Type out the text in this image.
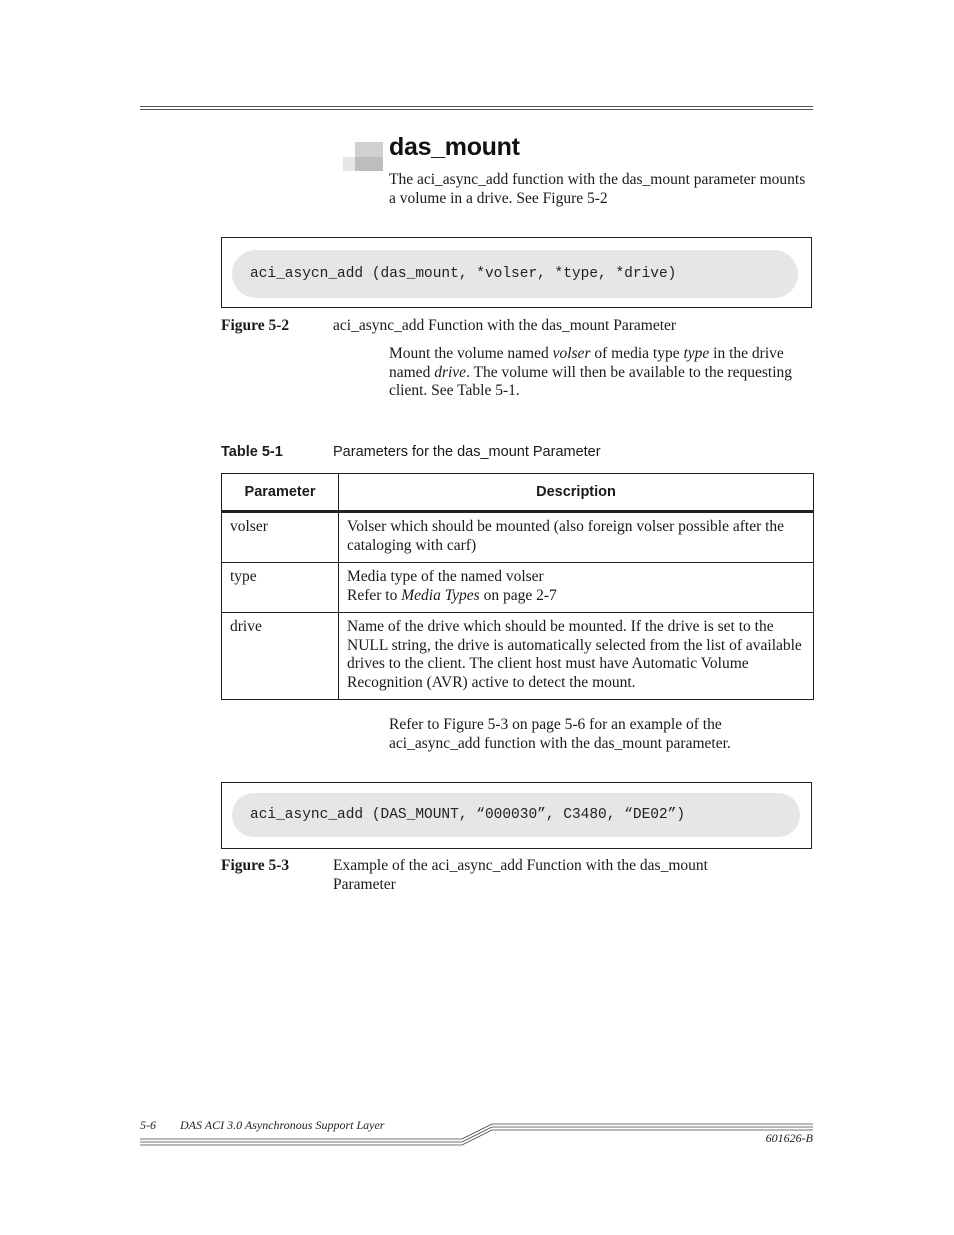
das_mount
The aci_async_add function with the das_mount parameter mounts a volume in a drive. See Figure 5-2
aci_asycn_add (das_mount, *volser, *type, *drive)
Figure 5-2	aci_async_add Function with the das_mount Parameter
Mount the volume named volser of media type type in the drive named drive. The volume will then be available to the requesting client. See Table 5-1.
Table 5-1	Parameters for the das_mount Parameter
Parameter	Description
volser	Volser which should be mounted (also foreign volser possible after the cataloging with carf)
type	Media type of the named volser
Refer to Media Types on page 2-7
drive	Name of the drive which should be mounted. If the drive is set to the NULL string, the drive is automatically selected from the list of available drives to the client. The client host must have Automatic Volume Recognition (AVR) active to detect the mount.
Refer to Figure 5-3 on page 5-6 for an example of the aci_async_add function with the das_mount parameter.
aci_async_add (DAS_MOUNT, “000030”, C3480, “DE02”)
Figure 5-3	Example of the aci_async_add Function with the das_mount Parameter
5-6 DAS ACI 3.0 Asynchronous Support Layer
601626-B
